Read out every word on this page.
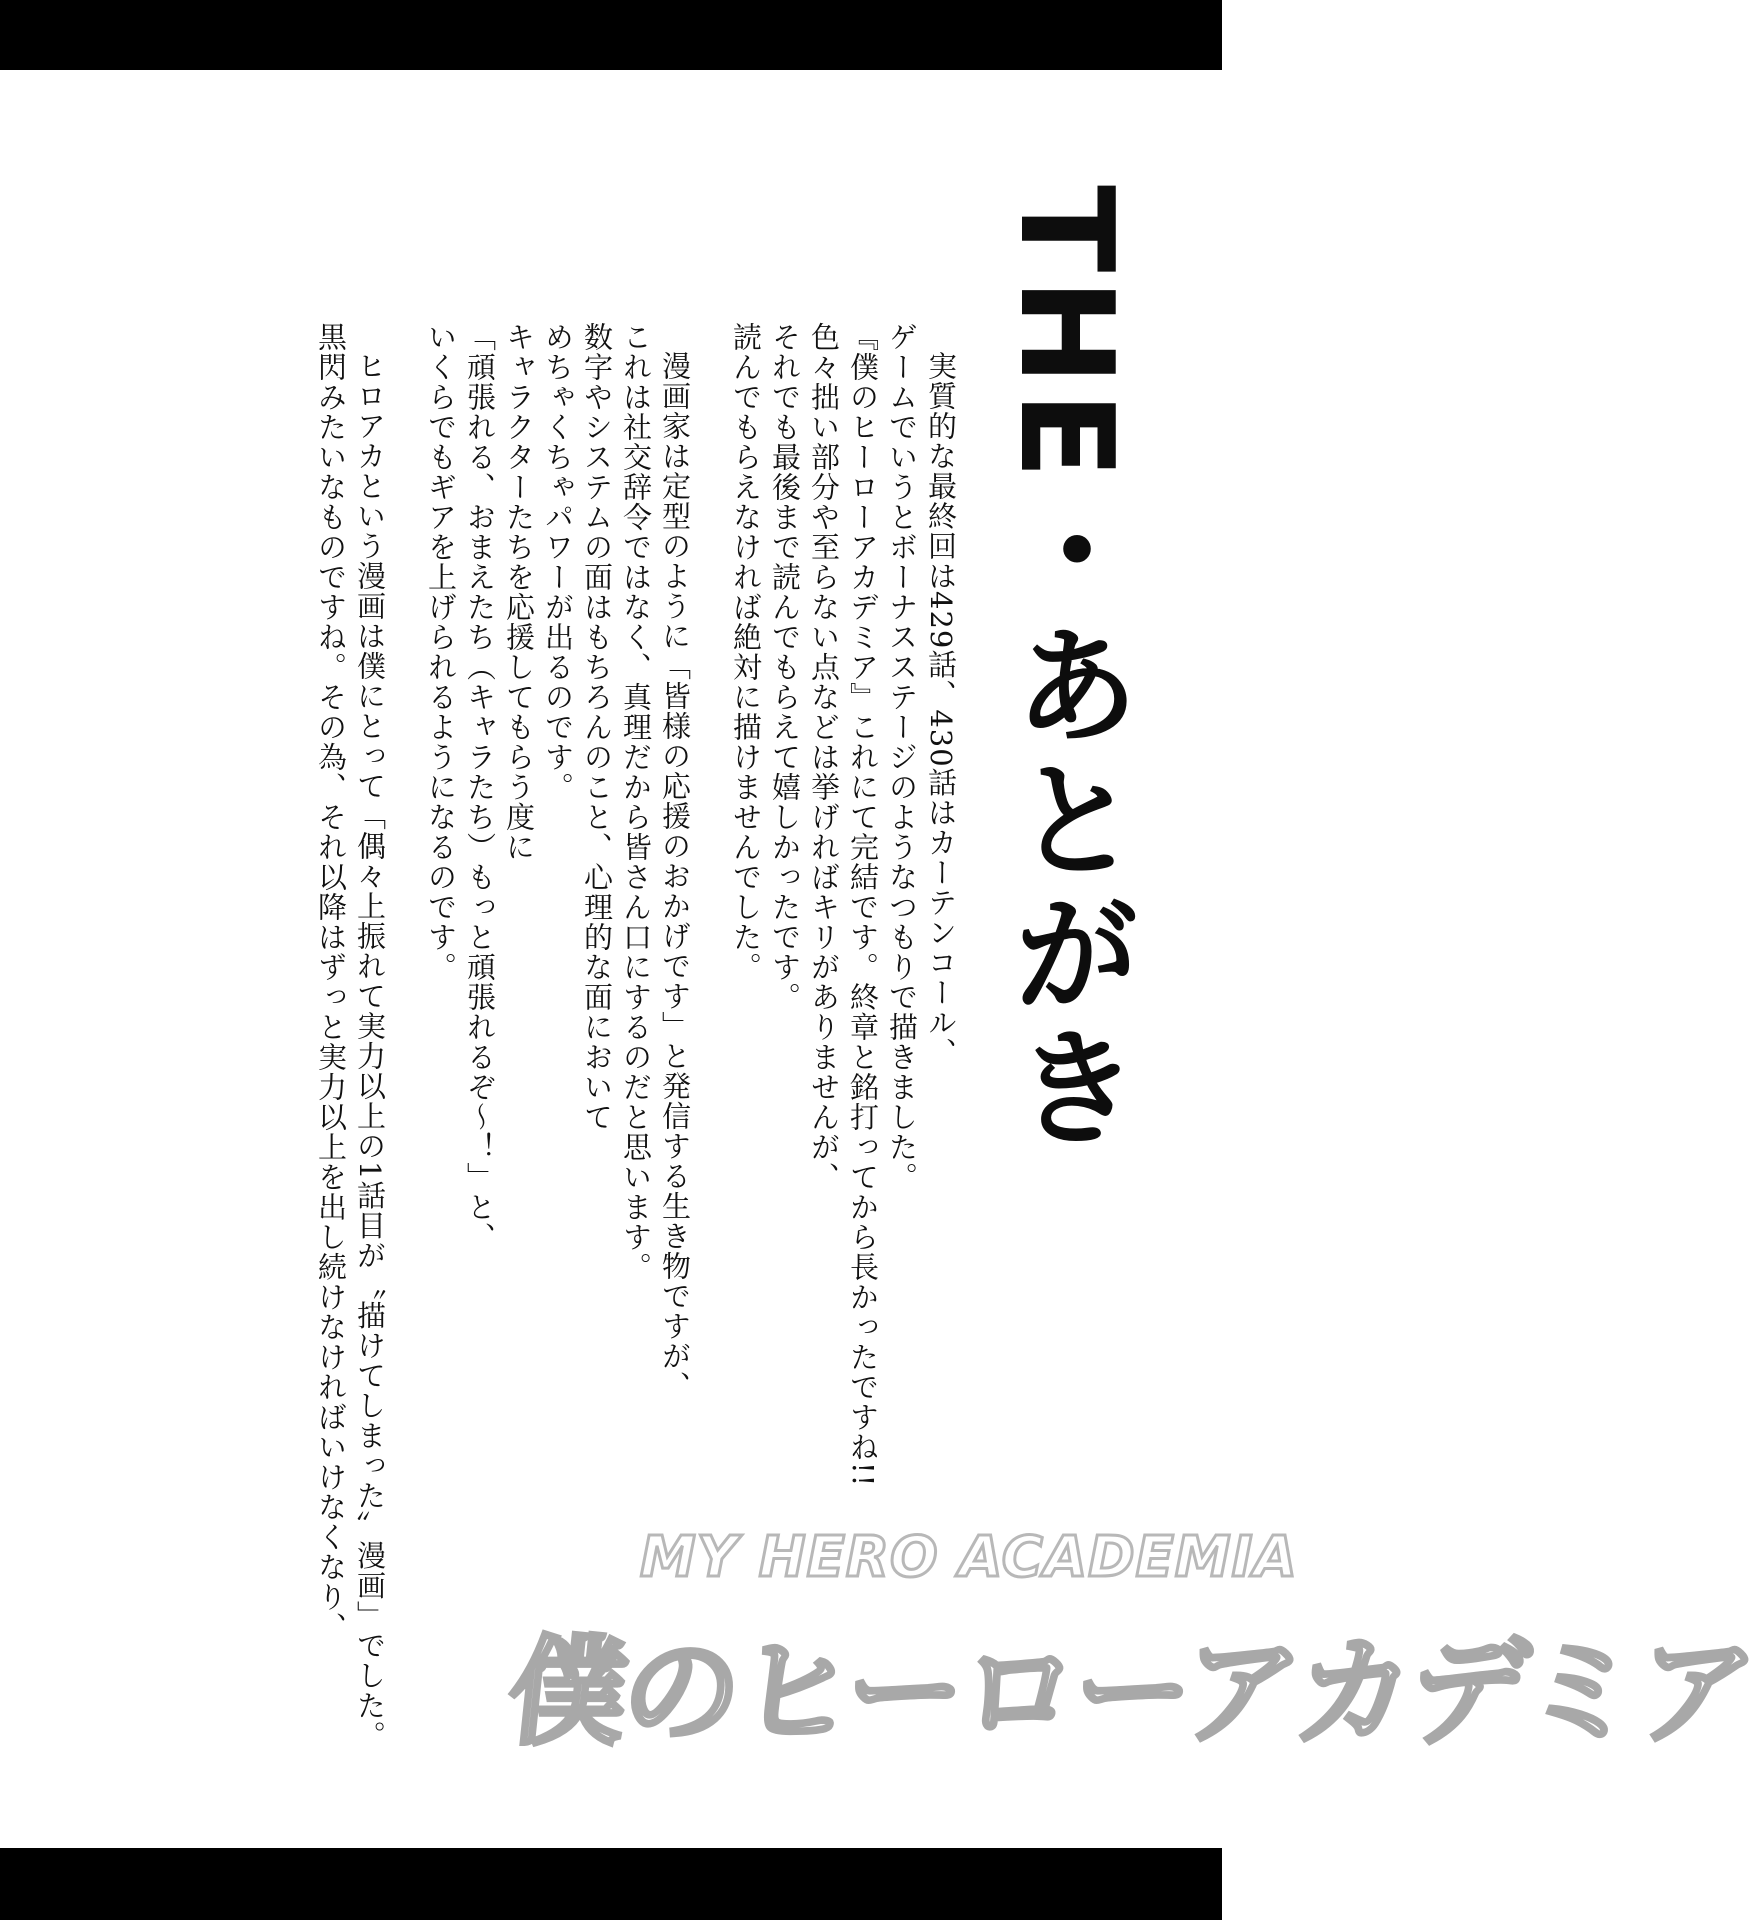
THE・あとがき
実質的な最終回は429話、430話はカーテンコール、
ゲームでいうとボーナスステージのようなつもりで描きました。
『僕のヒーローアカデミア』これにて完結です。終章と銘打ってから長かったですね!!
色々拙い部分や至らない点などは挙げればキリがありませんが、
それでも最後まで読んでもらえて嬉しかったです。
読んでもらえなければ絶対に描けませんでした。
漫画家は定型のように「皆様の応援のおかげです」と発信する生き物ですが、
これは社交辞令ではなく、真理だから皆さん口にするのだと思います。
数字やシステムの面はもちろんのこと、心理的な面において
めちゃくちゃパワーが出るのです。
キャラクターたちを応援してもらう度に
「頑張れる、おまえたち（キャラたち）もっと頑張れるぞ～！」と、
いくらでもギアを上げられるようになるのです。
ヒロアカという漫画は僕にとって「偶々上振れて実力以上の1話目が〝描けてしまった〟漫画」でした。
黒閃みたいなものですね。その為、それ以降はずっと実力以上を出し続けなければいけなくなり、	MY HERO ACADEMIA
僕のヒーローアカデミア
